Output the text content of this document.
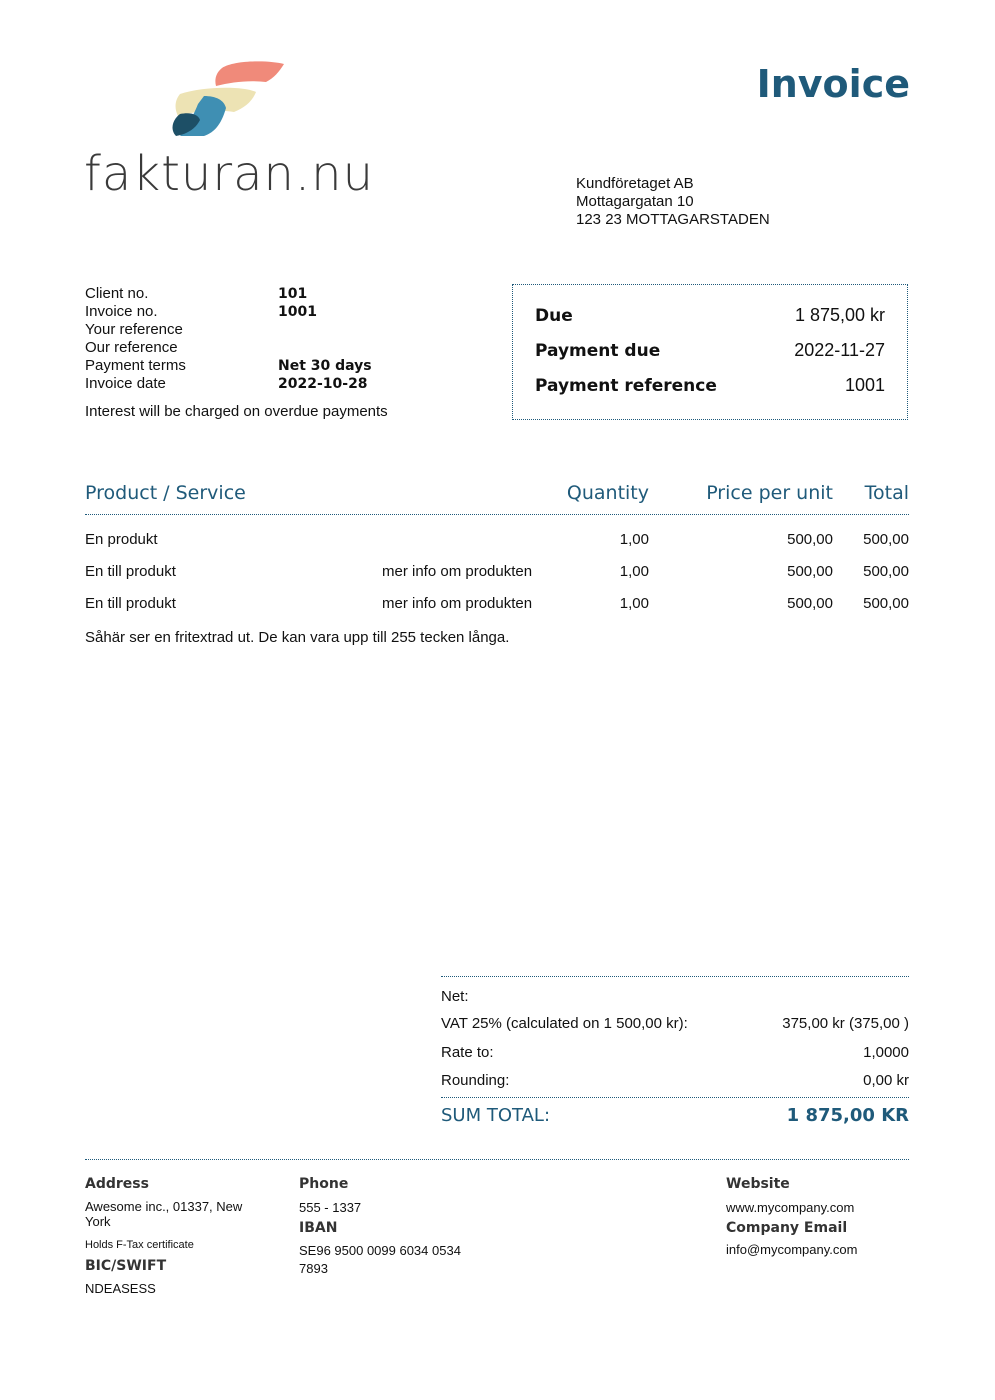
fakturan.nu
Invoice
Kundföretaget AB
Mottagargatan 10
123 23 MOTTAGARSTADEN
Client no.	101
Invoice no.	1001
Your reference
Our reference
Payment terms	Net 30 days
Invoice date	2022-10-28
Interest will be charged on overdue payments
Due	1 875,00 kr
Payment due	2022-11-27
Payment reference	1001
Product / Service	Quantity	Price per unit Total
En produkt	1,00	500,00 500,00
En till produkt	mer info om produkten	1,00	500,00 500,00
En till produkt	mer info om produkten	1,00	500,00 500,00
Såhär ser en fritextrad ut. De kan vara upp till 255 tecken långa.
Net:
VAT 25% (calculated on 1 500,00 kr):	375,00 kr (375,00 )
Rate to:	1,0000
Rounding:	0,00 kr
SUM TOTAL:	1 875,00 KR
Address
Awesome inc., 01337, New York
Holds F-Tax certificate
BIC/SWIFT
NDEASESS
Phone
555 - 1337
IBAN
SE96 9500 0099 6034 0534 7893
Website
www.mycompany.com
Company Email
info@mycompany.com
